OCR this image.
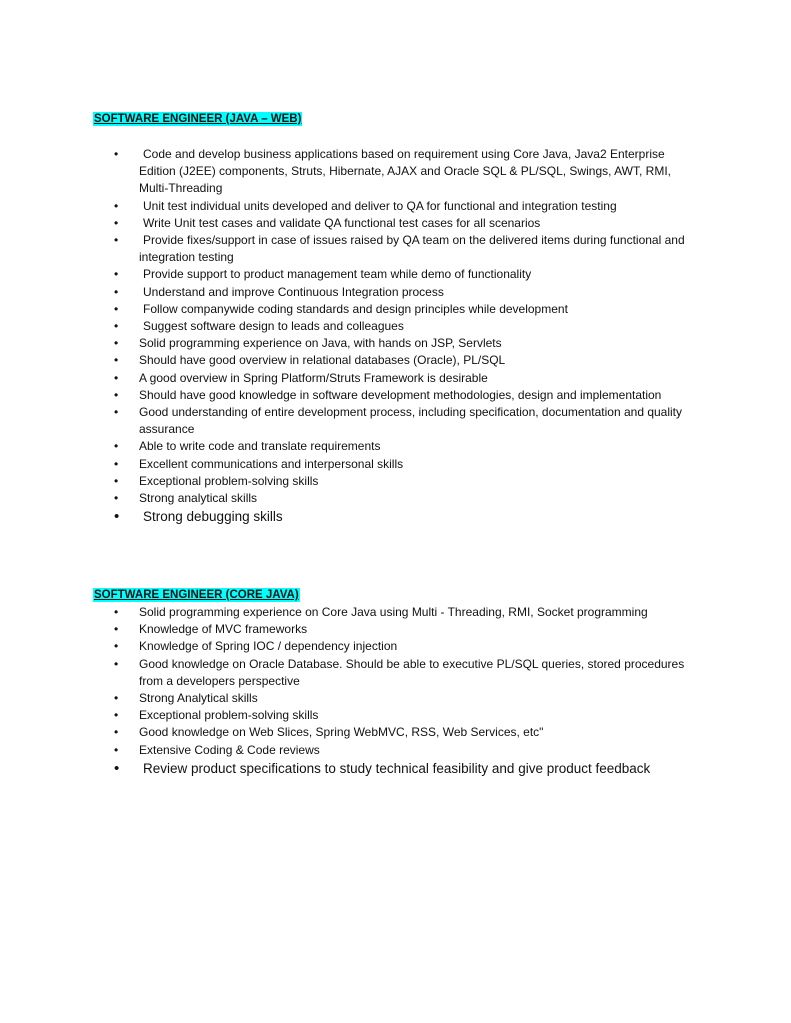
SOFTWARE ENGINEER (JAVA – WEB)
• Code and develop business applications based on requirement using Core Java, Java2 Enterprise Edition (J2EE) components, Struts, Hibernate, AJAX and Oracle SQL & PL/SQL, Swings, AWT, RMI, Multi-Threading
• Unit test individual units developed and deliver to QA for functional and integration testing
• Write Unit test cases and validate QA functional test cases for all scenarios
• Provide fixes/support in case of issues raised by QA team on the delivered items during functional and integration testing
• Provide support to product management team while demo of functionality
• Understand and improve Continuous Integration process
• Follow companywide coding standards and design principles while development
• Suggest software design to leads and colleagues
• Solid programming experience on Java, with hands on JSP, Servlets
• Should have good overview in relational databases (Oracle), PL/SQL
• A good overview in Spring Platform/Struts Framework is desirable
• Should have good knowledge in software development methodologies, design and implementation
• Good understanding of entire development process, including specification, documentation and quality assurance
• Able to write code and translate requirements
• Excellent communications and interpersonal skills
• Exceptional problem-solving skills
• Strong analytical skills
• Strong debugging skills
SOFTWARE ENGINEER (CORE JAVA)
• Solid programming experience on Core Java using Multi - Threading, RMI, Socket programming
• Knowledge of MVC frameworks
• Knowledge of Spring IOC / dependency injection
• Good knowledge on Oracle Database. Should be able to executive PL/SQL queries, stored procedures from a developers perspective
• Strong Analytical skills
• Exceptional problem-solving skills
• Good knowledge on Web Slices, Spring WebMVC, RSS, Web Services, etc"
• Extensive Coding & Code reviews
• Review product specifications to study technical feasibility and give product feedback
